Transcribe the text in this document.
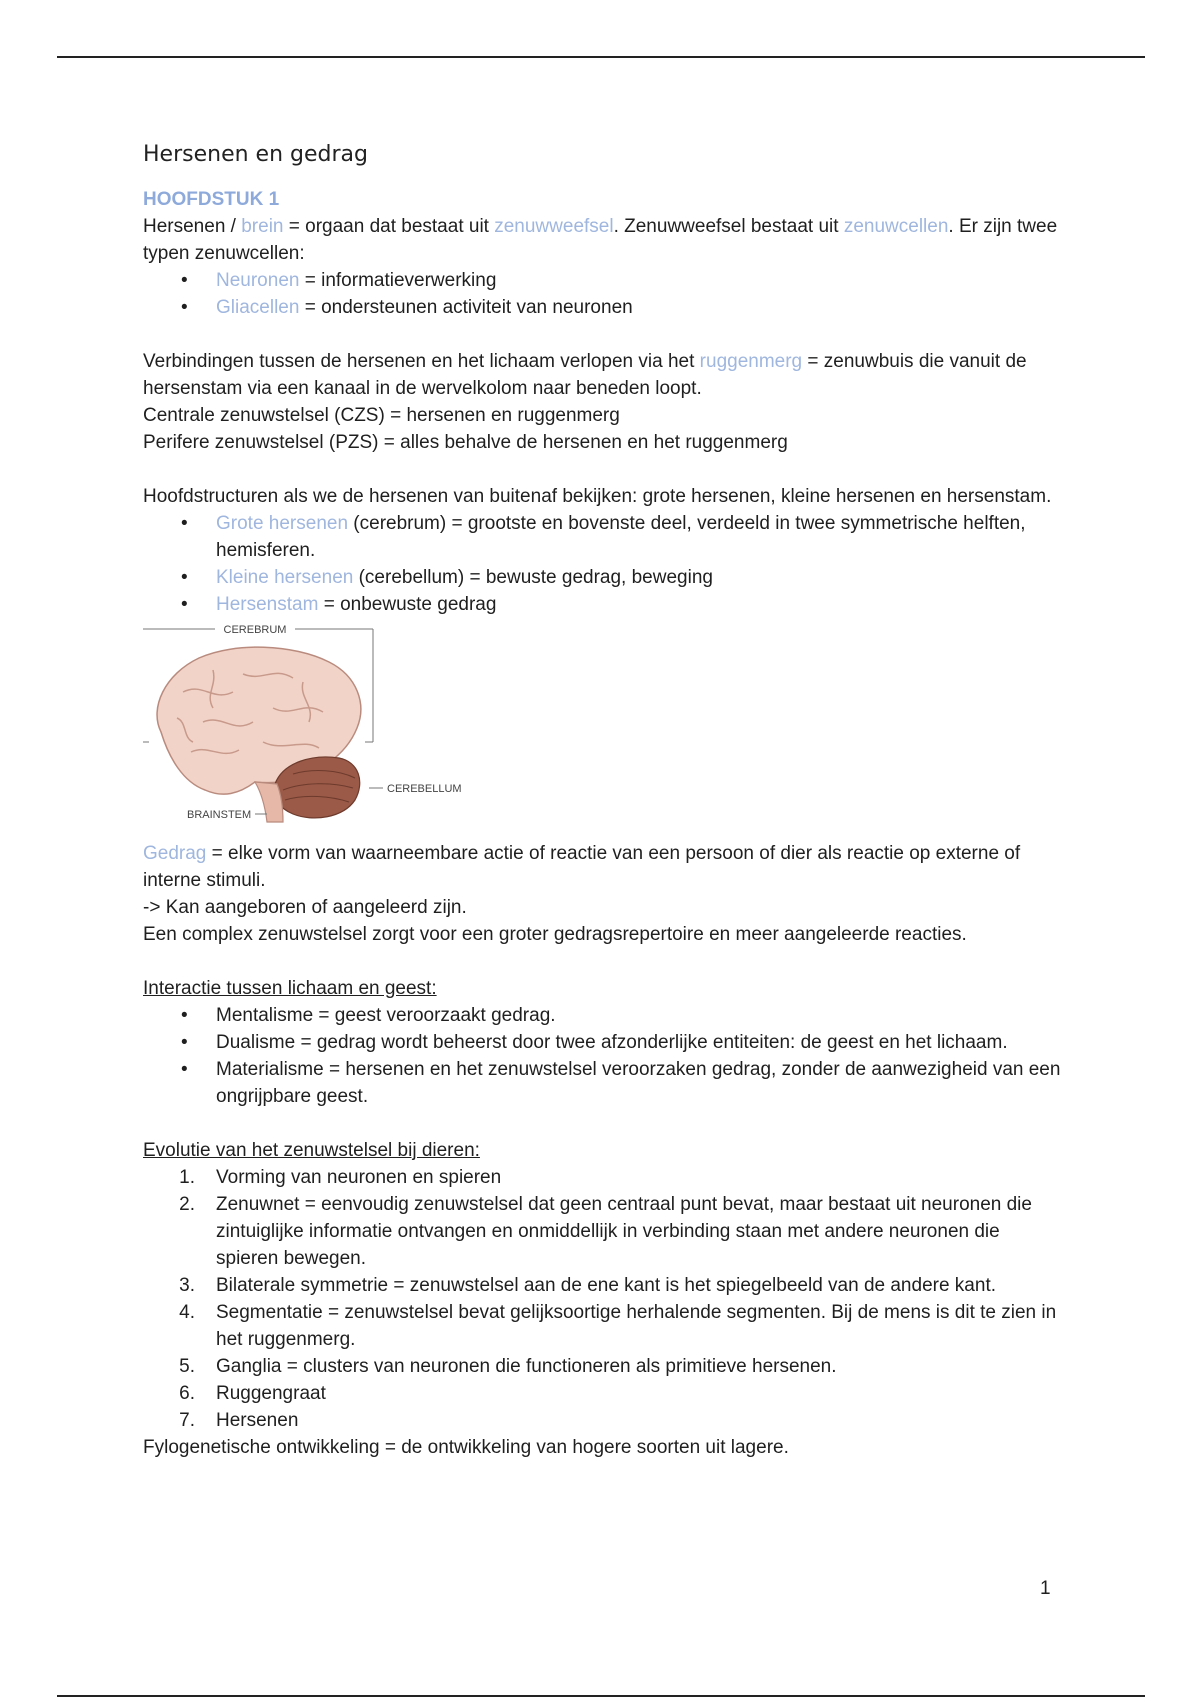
Hersenen en gedrag

HOOFDSTUK 1

Hersenen / brein = orgaan dat bestaat uit zenuwweefsel. Zenuwweefsel bestaat uit zenuwcellen. Er zijn twee typen zenuwcellen:

• Neuronen = informatieverwerking
• Gliacellen = ondersteunen activiteit van neuronen

Verbindingen tussen de hersenen en het lichaam verlopen via het ruggenmerg = zenuwbuis die vanuit de hersenstam via een kanaal in de wervelkolom naar beneden loopt.

Centrale zenuwstelsel (CZS) = hersenen en ruggenmerg

Perifere zenuwstelsel (PZS) = alles behalve de hersenen en het ruggenmerg

Hoofdstructuren als we de hersenen van buitenaf bekijken: grote hersenen, kleine hersenen en hersenstam.

• Grote hersenen (cerebrum) = grootste en bovenste deel, verdeeld in twee symmetrische helften, hemisferen.
• Kleine hersenen (cerebellum) = bewuste gedrag, beweging
• Hersenstam = onbewuste gedrag
CEREBRUM
CEREBELLUM
BRAINSTEM

Gedrag = elke vorm van waarneembare actie of reactie van een persoon of dier als reactie op externe of interne stimuli.

-> Kan aangeboren of aangeleerd zijn.

Een complex zenuwstelsel zorgt voor een groter gedragsrepertoire en meer aangeleerde reacties.

Interactie tussen lichaam en geest:

• Mentalisme = geest veroorzaakt gedrag.
• Dualisme = gedrag wordt beheerst door twee afzonderlijke entiteiten: de geest en het lichaam.
• Materialisme = hersenen en het zenuwstelsel veroorzaken gedrag, zonder de aanwezigheid van een ongrijpbare geest.

Evolutie van het zenuwstelsel bij dieren:

1. Vorming van neuronen en spieren
2. Zenuwnet = eenvoudig zenuwstelsel dat geen centraal punt bevat, maar bestaat uit neuronen die zintuiglijke informatie ontvangen en onmiddellijk in verbinding staan met andere neuronen die spieren bewegen.
3. Bilaterale symmetrie = zenuwstelsel aan de ene kant is het spiegelbeeld van de andere kant.
4. Segmentatie = zenuwstelsel bevat gelijksoortige herhalende segmenten. Bij de mens is dit te zien in het ruggenmerg.
5. Ganglia = clusters van neuronen die functioneren als primitieve hersenen.
6. Ruggengraat
7. Hersenen

Fylogenetische ontwikkeling = de ontwikkeling van hogere soorten uit lagere.

1
